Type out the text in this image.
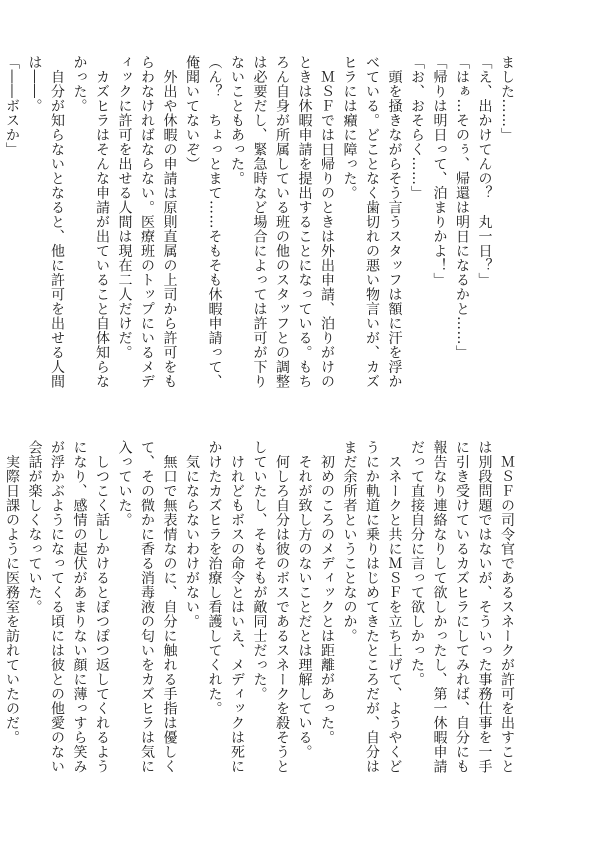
ました……」
「え、出かけてんの？　丸一日？」
「はぁ…そのぅ、帰還は明日になるかと……」
「帰りは明日って、泊まりかよ！」
「お、おそらく……」
　頭を掻きながらそう言うスタッフは額に汗を浮か
べている。どことなく歯切れの悪い物言いが、カズ
ヒラには癪に障った。
　ＭＳＦでは日帰りのときは外出申請、泊りがけの
ときは休暇申請を提出することになっている。もち
ろん自身が所属している班の他のスタッフとの調整
は必要だし、緊急時など場合によっては許可が下り
ないこともあった。
（ん？　ちょっとまて……そもそも休暇申請って、
俺聞いてないぞ）
　外出や休暇の申請は原則直属の上司から許可をも
らわなければならない。医療班のトップにいるメデ
ィックに許可を出せる人間は現在二人だけだ。
　カズヒラはそんな申請が出ていること自体知らな
かった。
　自分が知らないとなると、他に許可を出せる人間
は――。
「――ボスか」
　ＭＳＦの司令官であるスネークが許可を出すこと
は別段問題ではないが、そういった事務仕事を一手
に引き受けているカズヒラにしてみれば、自分にも
報告なり連絡なりして欲しかったし、第一休暇申請
だって直接自分に言って欲しかった。
　スネークと共にＭＳＦを立ち上げて、ようやくど
うにか軌道に乗りはじめてきたところだが、自分は
まだ余所者ということなのか。
　初めのころのメディックとは距離があった。
　それが致し方のないことだとは理解している。
　何しろ自分は彼のボスであるスネークを殺そうと
していたし、そもそもが敵同士だった。
　けれどもボスの命令とはいえ、メディックは死に
かけたカズヒラを治療し看護してくれた。
　気にならないわけがない。
　無口で無表情なのに、自分に触れる手指は優しく
て、その微かに香る消毒液の匂いをカズヒラは気に
入っていた。
　しつこく話しかけるとぽつぽつ返してくれるよう
になり、感情の起伏があまりない顔に薄っすら笑み
が浮かぶようになってくる頃には彼との他愛のない
会話が楽しくなっていた。
　実際日課のように医務室を訪れていたのだ。
